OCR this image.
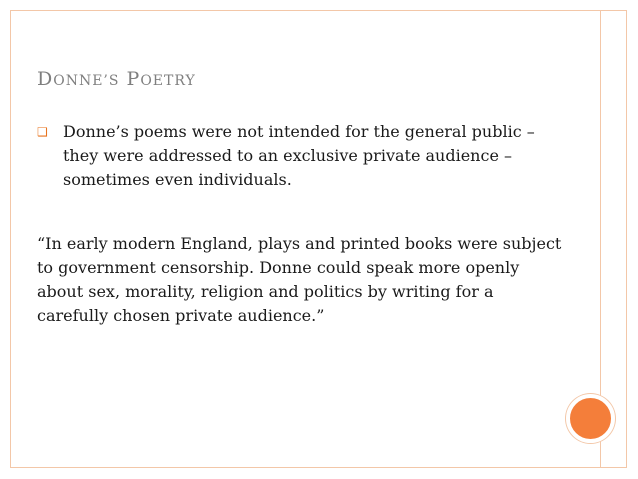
DONNE’S POETRY
❑ Donne’s poems were not intended for the general public – they were addressed to an exclusive private audience – sometimes even individuals.
“In early modern England, plays and printed books were subject to government censorship. Donne could speak more openly about sex, morality, religion and politics by writing for a carefully chosen private audience.”
